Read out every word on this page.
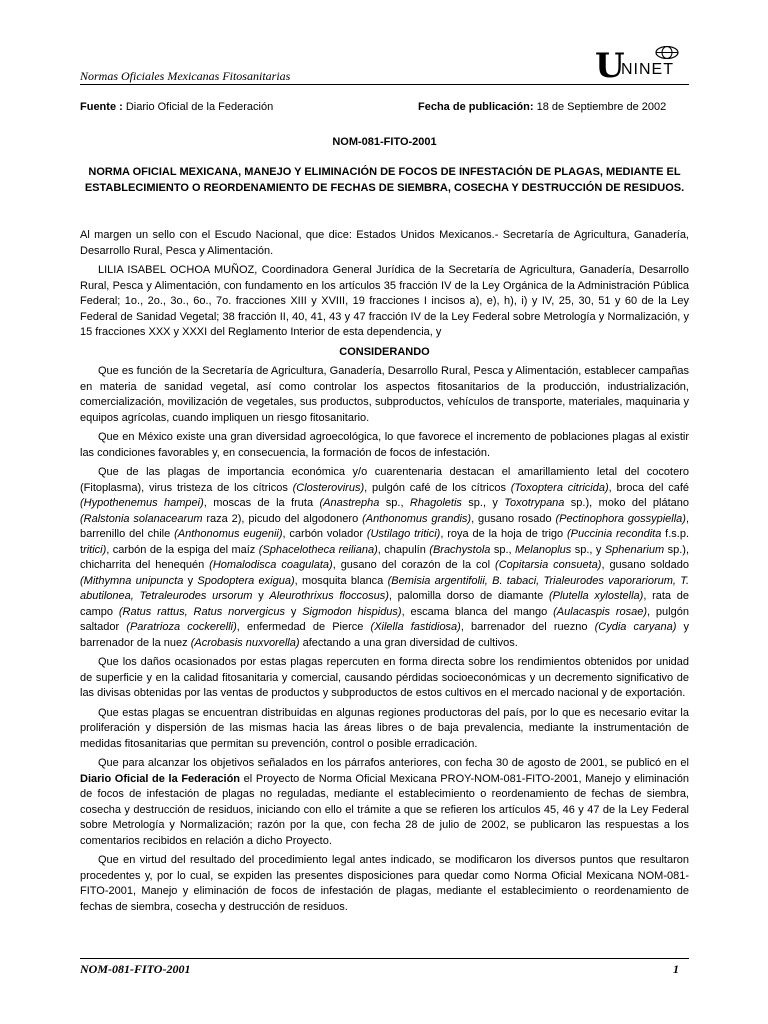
Normas Oficiales Mexicanas Fitosanitarias	U
NINET
Fuente : Diario Oficial de la Federación	Fecha de publicación: 18 de Septiembre de 2002
NOM-081-FITO-2001
NORMA OFICIAL MEXICANA, MANEJO Y ELIMINACIÓN DE FOCOS DE INFESTACIÓN DE PLAGAS, MEDIANTE EL ESTABLECIMIENTO O REORDENAMIENTO DE FECHAS DE SIEMBRA, COSECHA Y DESTRUCCIÓN DE RESIDUOS.

Al margen un sello con el Escudo Nacional, que dice: Estados Unidos Mexicanos.- Secretaría de Agricultura, Ganadería, Desarrollo Rural, Pesca y Alimentación.

LILIA ISABEL OCHOA MUÑOZ, Coordinadora General Jurídica de la Secretaría de Agricultura, Ganadería, Desarrollo Rural, Pesca y Alimentación, con fundamento en los artículos 35 fracción IV de la Ley Orgánica de la Administración Pública Federal; 1o., 2o., 3o., 6o., 7o. fracciones XIII y XVIII, 19 fracciones I incisos a), e), h), i) y IV, 25, 30, 51 y 60 de la Ley Federal de Sanidad Vegetal; 38 fracción II, 40, 41, 43 y 47 fracción IV de la Ley Federal sobre Metrología y Normalización, y 15 fracciones XXX y XXXI del Reglamento Interior de esta dependencia, y

CONSIDERANDO

Que es función de la Secretaría de Agricultura, Ganadería, Desarrollo Rural, Pesca y Alimentación, establecer campañas en materia de sanidad vegetal, así como controlar los aspectos fitosanitarios de la producción, industrialización, comercialización, movilización de vegetales, sus productos, subproductos, vehículos de transporte, materiales, maquinaria y equipos agrícolas, cuando impliquen un riesgo fitosanitario.

Que en México existe una gran diversidad agroecológica, lo que favorece el incremento de poblaciones plagas al existir las condiciones favorables y, en consecuencia, la formación de focos de infestación.

Que de las plagas de importancia económica y/o cuarentenaria destacan el amarillamiento letal del cocotero (Fitoplasma), virus tristeza de los cítricos (Closterovirus), pulgón café de los cítricos (Toxoptera citricida), broca del café (Hypothenemus hampei), moscas de la fruta (Anastrepha sp., Rhagoletis sp., y Toxotrypana sp.), moko del plátano (Ralstonia solanacearum raza 2), picudo del algodonero (Anthonomus grandis), gusano rosado (Pectinophora gossypiella), barrenillo del chile (Anthonomus eugenii), carbón volador (Ustilago tritici), roya de la hoja de trigo (Puccinia recondita f.s.p. tritici), carbón de la espiga del maíz (Sphacelotheca reiliana), chapulín (Brachystola sp., Melanoplus sp., y Sphenarium sp.), chicharrita del henequén (Homalodisca coagulata), gusano del corazón de la col (Copitarsia consueta), gusano soldado (Mithymna unipuncta y Spodoptera exigua), mosquita blanca (Bemisia argentifolii, B. tabaci, Trialeurodes vaporariorum, T. abutilonea, Tetraleurodes ursorum y Aleurothrixus floccosus), palomilla dorso de diamante (Plutella xylostella), rata de campo (Ratus rattus, Ratus norvergicus y Sigmodon hispidus), escama blanca del mango (Aulacaspis rosae), pulgón saltador (Paratrioza cockerelli), enfermedad de Pierce (Xilella fastidiosa), barrenador del ruezno (Cydia caryana) y barrenador de la nuez (Acrobasis nuxvorella) afectando a una gran diversidad de cultivos.

Que los daños ocasionados por estas plagas repercuten en forma directa sobre los rendimientos obtenidos por unidad de superficie y en la calidad fitosanitaria y comercial, causando pérdidas socioeconómicas y un decremento significativo de las divisas obtenidas por las ventas de productos y subproductos de estos cultivos en el mercado nacional y de exportación.

Que estas plagas se encuentran distribuidas en algunas regiones productoras del país, por lo que es necesario evitar la proliferación y dispersión de las mismas hacia las áreas libres o de baja prevalencia, mediante la instrumentación de medidas fitosanitarias que permitan su prevención, control o posible erradicación.

Que para alcanzar los objetivos señalados en los párrafos anteriores, con fecha 30 de agosto de 2001, se publicó en el Diario Oficial de la Federación el Proyecto de Norma Oficial Mexicana PROY-NOM-081-FITO-2001, Manejo y eliminación de focos de infestación de plagas no reguladas, mediante el establecimiento o reordenamiento de fechas de siembra, cosecha y destrucción de residuos, iniciando con ello el trámite a que se refieren los artículos 45, 46 y 47 de la Ley Federal sobre Metrología y Normalización; razón por la que, con fecha 28 de julio de 2002, se publicaron las respuestas a los comentarios recibidos en relación a dicho Proyecto.

Que en virtud del resultado del procedimiento legal antes indicado, se modificaron los diversos puntos que resultaron procedentes y, por lo cual, se expiden las presentes disposiciones para quedar como Norma Oficial Mexicana NOM-081-FITO-2001, Manejo y eliminación de focos de infestación de plagas, mediante el establecimiento o reordenamiento de fechas de siembra, cosecha y destrucción de residuos.

NOM-081-FITO-2001	1
